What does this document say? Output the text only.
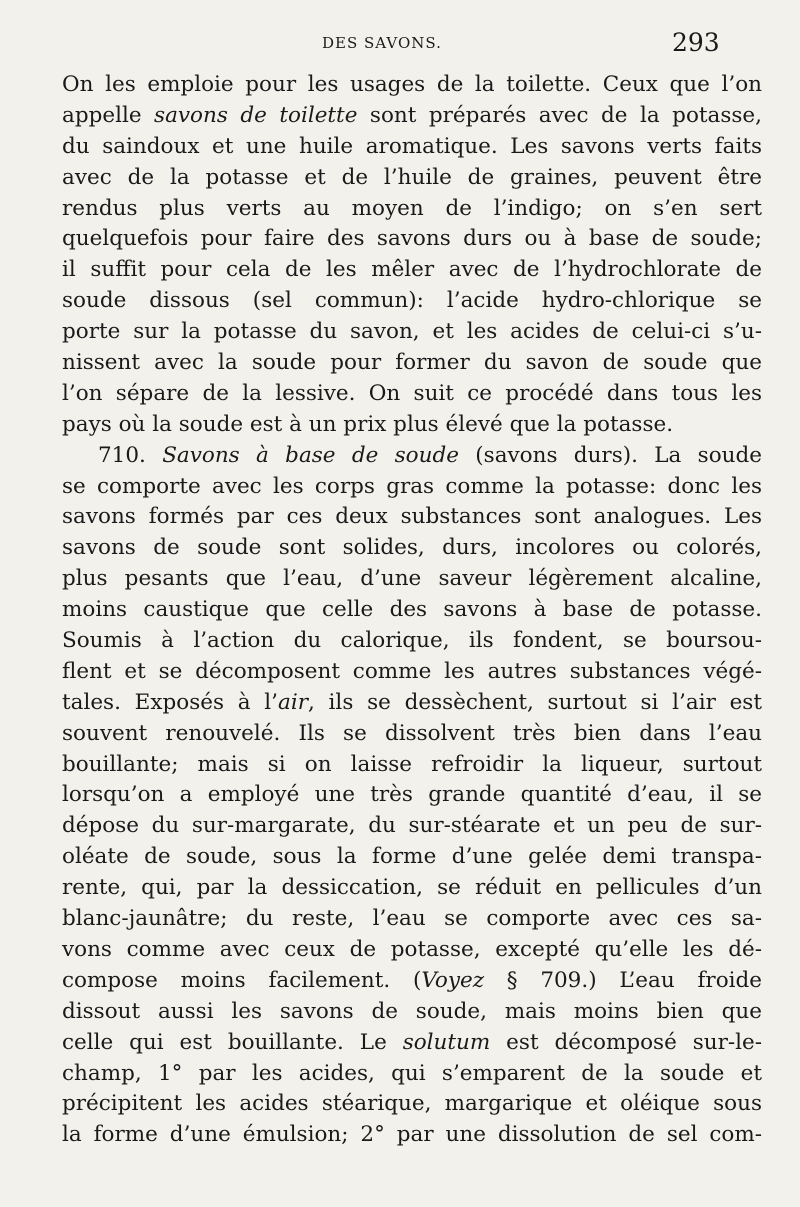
DES SAVONS.	293
On les emploie pour les usages de la toilette. Ceux que l’on
appelle savons de toilette sont préparés avec de la potasse,
du saindoux et une huile aromatique. Les savons verts faits
avec de la potasse et de l’huile de graines, peuvent être
rendus plus verts au moyen de l’indigo; on s’en sert
quelquefois pour faire des savons durs ou à base de soude;
il suffit pour cela de les mêler avec de l’hydrochlorate de
soude dissous (sel commun): l’acide hydro-chlorique se
porte sur la potasse du savon, et les acides de celui-ci s’u-
nissent avec la soude pour former du savon de soude que
l’on sépare de la lessive. On suit ce procédé dans tous les
pays où la soude est à un prix plus élevé que la potasse.
710. Savons à base de soude (savons durs). La soude
se comporte avec les corps gras comme la potasse: donc les
savons formés par ces deux substances sont analogues. Les
savons de soude sont solides, durs, incolores ou colorés,
plus pesants que l’eau, d’une saveur légèrement alcaline,
moins caustique que celle des savons à base de potasse.
Soumis à l’action du calorique, ils fondent, se boursou-
flent et se décomposent comme les autres substances végé-
tales. Exposés à l’air, ils se dessèchent, surtout si l’air est
souvent renouvelé. Ils se dissolvent très bien dans l’eau
bouillante; mais si on laisse refroidir la liqueur, surtout
lorsqu’on a employé une très grande quantité d’eau, il se
dépose du sur-margarate, du sur-stéarate et un peu de sur-
oléate de soude, sous la forme d’une gelée demi transpa-
rente, qui, par la dessiccation, se réduit en pellicules d’un
blanc-jaunâtre; du reste, l’eau se comporte avec ces sa-
vons comme avec ceux de potasse, excepté qu’elle les dé-
compose moins facilement. (Voyez § 709.) L’eau froide
dissout aussi les savons de soude, mais moins bien que
celle qui est bouillante. Le solutum est décomposé sur-le-
champ, 1° par les acides, qui s’emparent de la soude et
précipitent les acides stéarique, margarique et oléique sous
la forme d’une émulsion; 2° par une dissolution de sel com-
